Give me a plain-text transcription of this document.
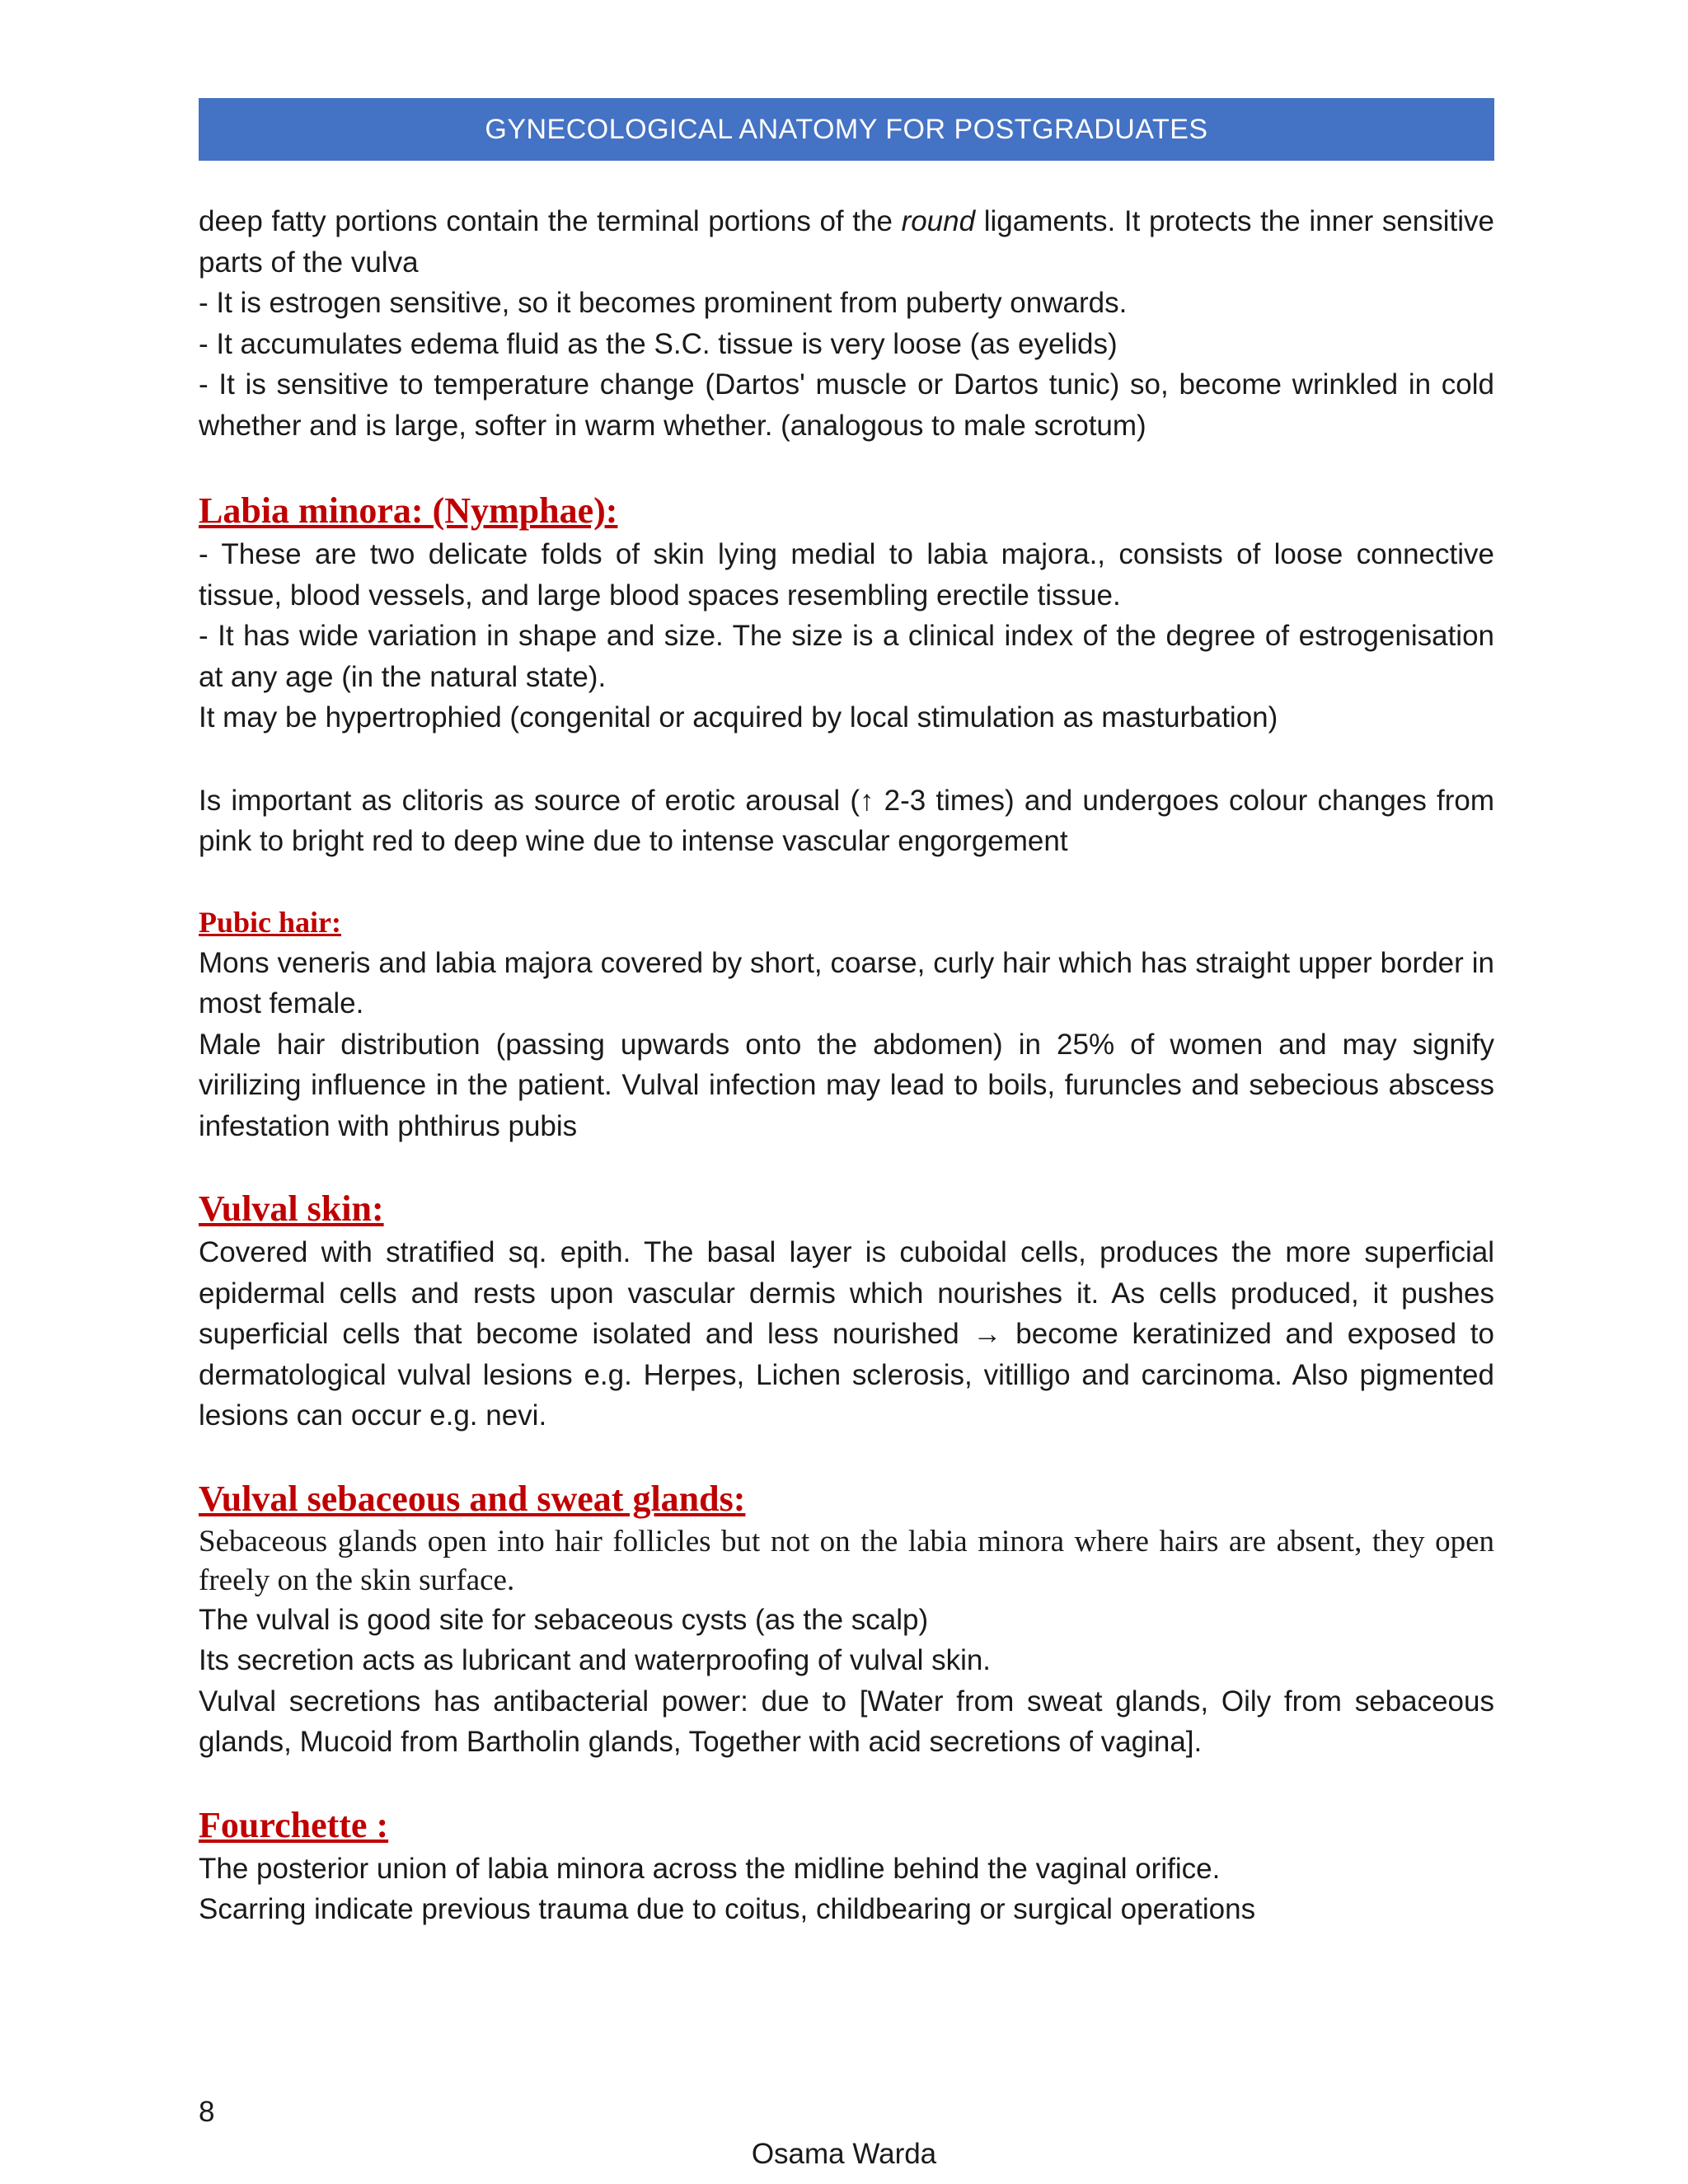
GYNECOLOGICAL ANATOMY FOR POSTGRADUATES

deep fatty portions contain the terminal portions of the round ligaments. It protects the inner sensitive parts of the vulva

- It is estrogen sensitive, so it becomes prominent from puberty onwards.

- It accumulates edema fluid as the S.C. tissue is very loose (as eyelids)

- It is sensitive to temperature change (Dartos' muscle or Dartos tunic) so, become wrinkled in cold whether and is large, softer in warm whether. (analogous to male scrotum)

Labia minora: (Nymphae):

- These are two delicate folds of skin lying medial to labia majora., consists of loose connective tissue, blood vessels, and large blood spaces resembling erectile tissue.

- It has wide variation in shape and size. The size is a clinical index of the degree of estrogenisation at any age (in the natural state).

It may be hypertrophied (congenital or acquired by local stimulation as masturbation)

Is important as clitoris as source of erotic arousal (↑ 2-3 times) and undergoes colour changes from pink to bright red to deep wine due to intense vascular engorgement

Pubic hair:

Mons veneris and labia majora covered by short, coarse, curly hair which has straight upper border in most female.

Male hair distribution (passing upwards onto the abdomen) in 25% of women and may signify virilizing influence in the patient. Vulval infection may lead to boils, furuncles and sebecious abscess infestation with phthirus pubis

Vulval skin:

Covered with stratified sq. epith. The basal layer is cuboidal cells, produces the more superficial epidermal cells and rests upon vascular dermis which nourishes it. As cells produced, it pushes superficial cells that become isolated and less nourished → become keratinized and exposed to dermatological vulval lesions e.g. Herpes, Lichen sclerosis, vitilligo and carcinoma. Also pigmented lesions can occur e.g. nevi.

Vulval sebaceous and sweat glands:

Sebaceous glands open into hair follicles but not on the labia minora where hairs are absent, they open freely on the skin surface.

The vulval is good site for sebaceous cysts (as the scalp)

Its secretion acts as lubricant and waterproofing of vulval skin.

Vulval secretions has antibacterial power: due to [Water from sweat glands, Oily from sebaceous glands, Mucoid from Bartholin glands, Together with acid secretions of vagina].

Fourchette :

The posterior union of labia minora across the midline behind the vaginal orifice.

Scarring indicate previous trauma due to coitus, childbearing or surgical operations

8
Osama Warda
